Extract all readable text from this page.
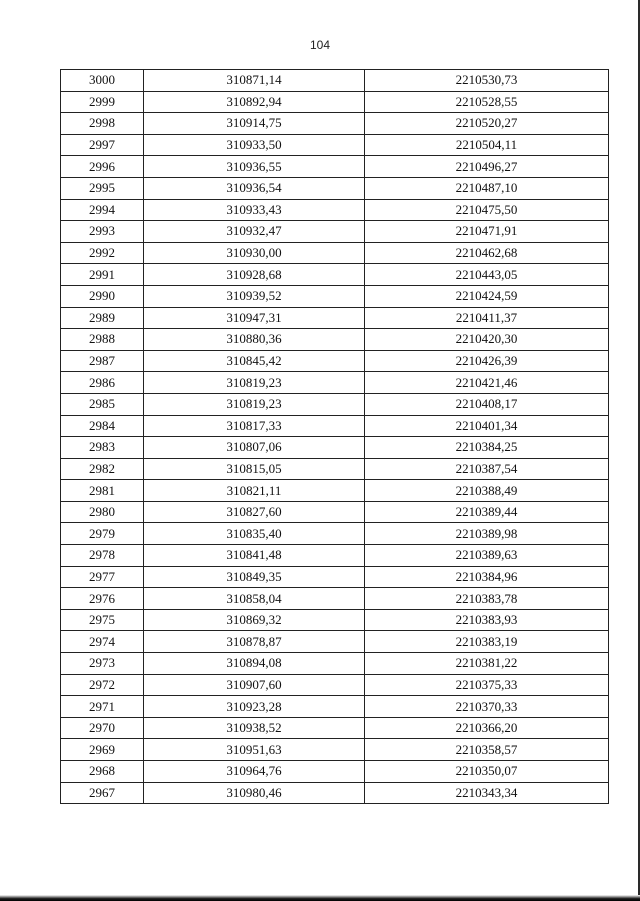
104
3000	310871,14	2210530,73
2999	310892,94	2210528,55
2998	310914,75	2210520,27
2997	310933,50	2210504,11
2996	310936,55	2210496,27
2995	310936,54	2210487,10
2994	310933,43	2210475,50
2993	310932,47	2210471,91
2992	310930,00	2210462,68
2991	310928,68	2210443,05
2990	310939,52	2210424,59
2989	310947,31	2210411,37
2988	310880,36	2210420,30
2987	310845,42	2210426,39
2986	310819,23	2210421,46
2985	310819,23	2210408,17
2984	310817,33	2210401,34
2983	310807,06	2210384,25
2982	310815,05	2210387,54
2981	310821,11	2210388,49
2980	310827,60	2210389,44
2979	310835,40	2210389,98
2978	310841,48	2210389,63
2977	310849,35	2210384,96
2976	310858,04	2210383,78
2975	310869,32	2210383,93
2974	310878,87	2210383,19
2973	310894,08	2210381,22
2972	310907,60	2210375,33
2971	310923,28	2210370,33
2970	310938,52	2210366,20
2969	310951,63	2210358,57
2968	310964,76	2210350,07
2967	310980,46	2210343,34
